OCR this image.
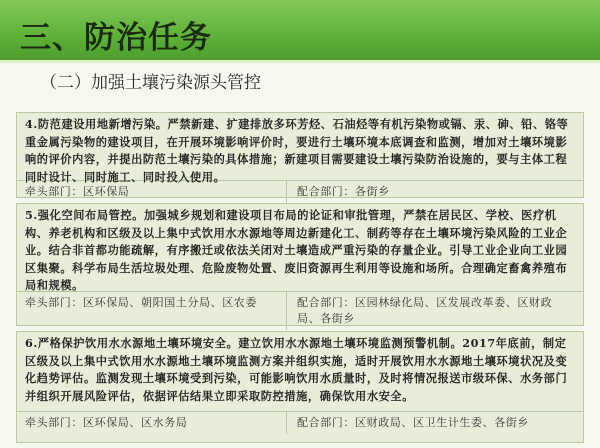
三、防治任务
（二）加强土壤污染源头管控
4.防范建设用地新增污染。严禁新建、扩建排放多环芳烃、石油烃等有机污染物或镉、汞、砷、铅、铬等重金属污染物的建设项目，在开展环境影响评价时，要进行土壤环境本底调查和监测，增加对土壤环境影响的评价内容，并提出防范土壤污染的具体措施；新建项目需要建设土壤污染防治设施的，要与主体工程同时设计、同时施工、同时投入使用。
牵头部门：区环保局	配合部门：各街乡
5.强化空间布局管控。加强城乡规划和建设项目布局的论证和审批管理，严禁在居民区、学校、医疗机构、养老机构和区级及以上集中式饮用水水源地等周边新建化工、制药等存在土壤环境污染风险的工业企业。结合非首都功能疏解，有序搬迁或依法关闭对土壤造成严重污染的存量企业。引导工业企业向工业园区集聚。科学布局生活垃圾处理、危险废物处置、废旧资源再生利用等设施和场所。合理确定畜禽养殖布局和规模。
牵头部门：区环保局、朝阳国土分局、区农委	配合部门：区园林绿化局、区发展改革委、区财政局、各街乡
6.严格保护饮用水水源地土壤环境安全。建立饮用水水源地土壤环境监测预警机制。2017年底前，制定区级及以上集中式饮用水水源地土壤环境监测方案并组织实施，适时开展饮用水水源地土壤环境状况及变化趋势评估。监测发现土壤环境受到污染，可能影响饮用水质量时，及时将情况报送市级环保、水务部门并组织开展风险评估，依据评估结果立即采取防控措施，确保饮用水安全。
牵头部门：区环保局、区水务局	配合部门：区财政局、区卫生计生委、各街乡
